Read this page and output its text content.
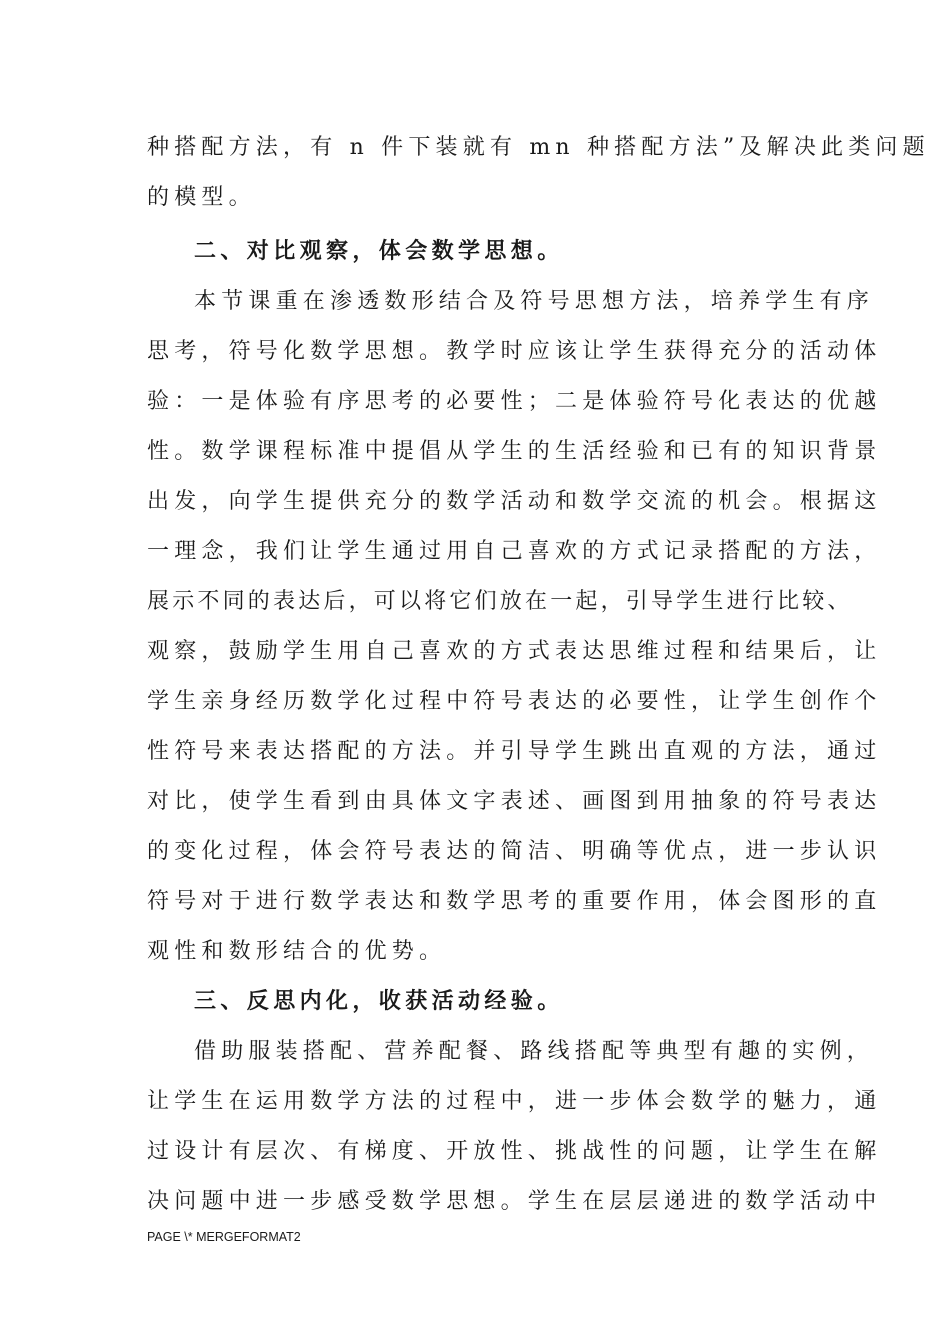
种搭配方法，有 n 件下装就有 mn 种搭配方法”及解决此类问题
的模型。
二、对比观察，体会数学思想。
本节课重在渗透数形结合及符号思想方法，培养学生有序
思考，符号化数学思想。教学时应该让学生获得充分的活动体
验：一是体验有序思考的必要性；二是体验符号化表达的优越
性。数学课程标准中提倡从学生的生活经验和已有的知识背景
出发，向学生提供充分的数学活动和数学交流的机会。根据这
一理念，我们让学生通过用自己喜欢的方式记录搭配的方法，
展示不同的表达后，可以将它们放在一起，引导学生进行比较、
观察，鼓励学生用自己喜欢的方式表达思维过程和结果后，让
学生亲身经历数学化过程中符号表达的必要性，让学生创作个
性符号来表达搭配的方法。并引导学生跳出直观的方法，通过
对比，使学生看到由具体文字表述、画图到用抽象的符号表达
的变化过程，体会符号表达的简洁、明确等优点，进一步认识
符号对于进行数学表达和数学思考的重要作用，体会图形的直
观性和数形结合的优势。
三、反思内化，收获活动经验。
借助服装搭配、营养配餐、路线搭配等典型有趣的实例，
让学生在运用数学方法的过程中，进一步体会数学的魅力，通
过设计有层次、有梯度、开放性、挑战性的问题，让学生在解
决问题中进一步感受数学思想。学生在层层递进的数学活动中
PAGE \* MERGEFORMAT2
